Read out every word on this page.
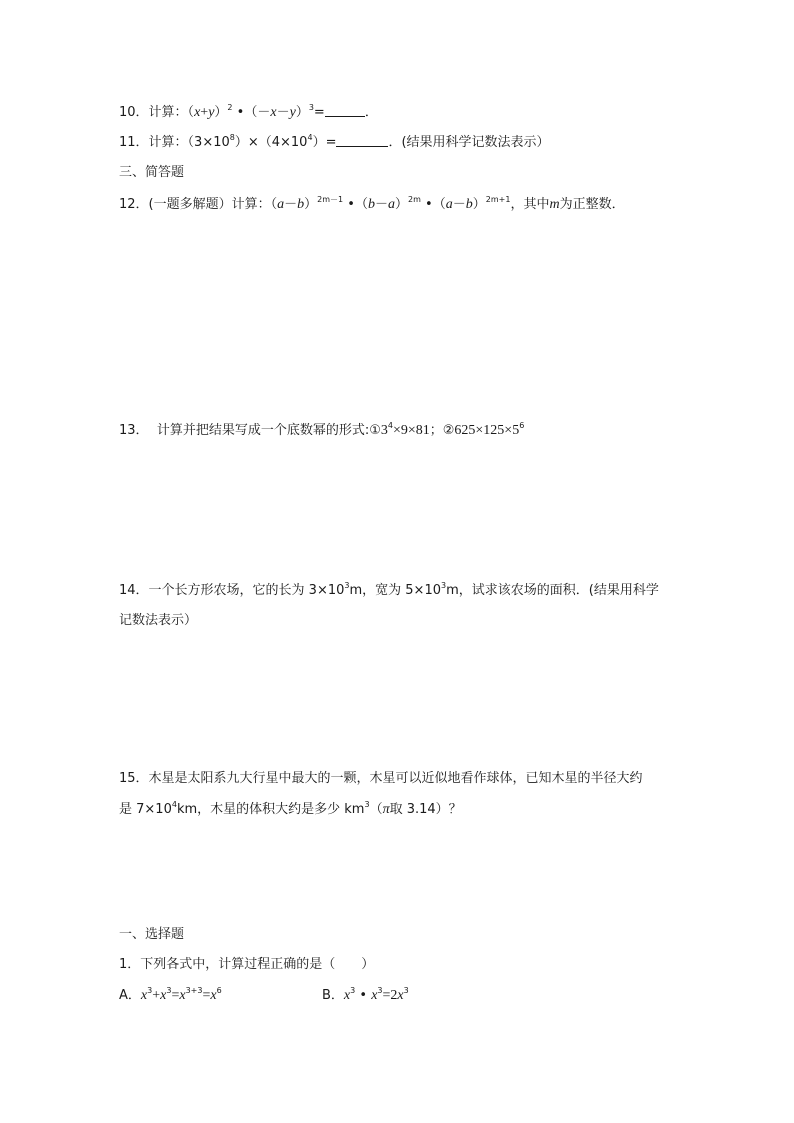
10．计算：$(x+y)^2$ $•(-x-y)^3=$	．
11．计算：$(3\times 10^8)\times(4\times 10^4)=$	．(结果用科学记数法表示）
三、简答题
12．(一题多解题）计算：$(a-b)^{2m-1}$ $•(b-a)^{2m}$ $•(a-b)^{2m+1}$，其中m为正整数．
13． 计算并把结果写成一个底数幂的形式$:①3^4\times 9\times 81$；$②625\times 125\times 5^6$
14．一个长方形农场，它的长为 $3\times 10^3m$，宽为 $5\times 10^3m$，试求该农场的面积．(结果用科学
记数法表示）
15．木星是太阳系九大行星中最大的一颗，木星可以近似地看作球体，已知木星的半径大约
是 $7\times 10^4km$，木星的体积大约是多少 $km^3(\pi$取 3.14）？
一、选择题
1．下列各式中，计算过程正确的是（　　）
A．$x^3+x^3=x^{3+3}=x^6$	B．$x^3$ • $x^3=2x^3$
